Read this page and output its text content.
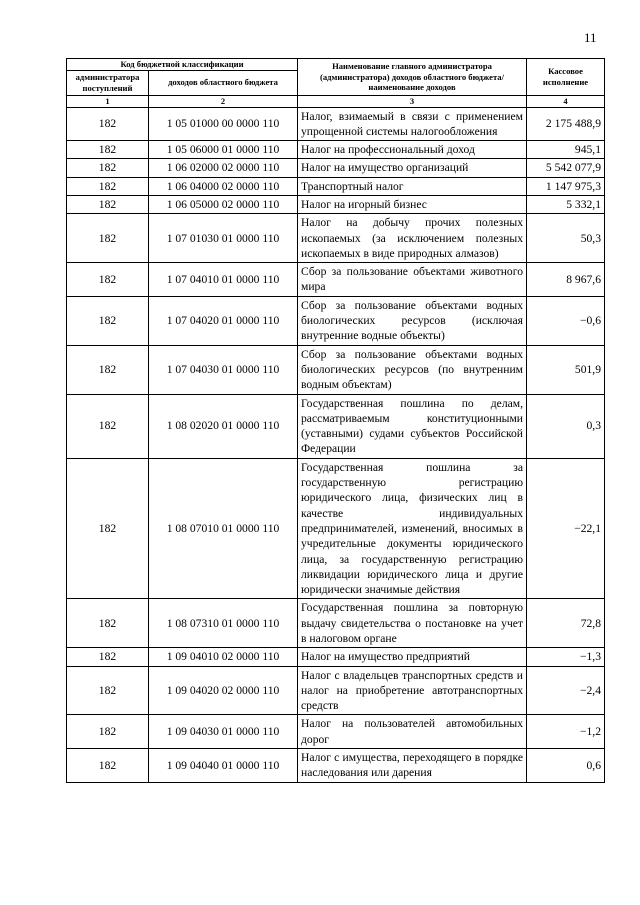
11
Код бюджетной классификации		Наименование главного администратора (администратора) доходов областного бюджета/ наименование доходов	Кассовое исполнение
администратора поступлений	доходов областного бюджета		
1	2	3	4
182	1 05 01000 00 0000 110	Налог, взимаемый в связи с применением упрощенной системы налогообложения	2 175 488,9
182	1 05 06000 01 0000 110	Налог на профессиональный доход	945,1
182	1 06 02000 02 0000 110	Налог на имущество организаций	5 542 077,9
182	1 06 04000 02 0000 110	Транспортный налог	1 147 975,3
182	1 06 05000 02 0000 110	Налог на игорный бизнес	5 332,1
182	1 07 01030 01 0000 110	Налог на добычу прочих полезных ископаемых (за исключением полезных ископаемых в виде природных алмазов)	50,3
182	1 07 04010 01 0000 110	Сбор за пользование объектами животного мира	8 967,6
182	1 07 04020 01 0000 110	Сбор за пользование объектами водных биологических ресурсов (исключая внутренние водные объекты)	−0,6
182	1 07 04030 01 0000 110	Сбор за пользование объектами водных биологических ресурсов (по внутренним водным объектам)	501,9
182	1 08 02020 01 0000 110	Государственная пошлина по делам, рассматриваемым конституционными (уставными) судами субъектов Российской Федерации	0,3
182	1 08 07010 01 0000 110	Государственная пошлина за государственную регистрацию юридического лица, физических лиц в качестве индивидуальных предпринимателей, изменений, вносимых в учредительные документы юридического лица, за государственную регистрацию ликвидации юридического лица и другие юридически значимые действия	−22,1
182	1 08 07310 01 0000 110	Государственная пошлина за повторную выдачу свидетельства о постановке на учет в налоговом органе	72,8
182	1 09 04010 02 0000 110	Налог на имущество предприятий	−1,3
182	1 09 04020 02 0000 110	Налог с владельцев транспортных средств и налог на приобретение автотранспортных средств	−2,4
182	1 09 04030 01 0000 110	Налог на пользователей автомобильных дорог	−1,2
182	1 09 04040 01 0000 110	Налог с имущества, переходящего в порядке наследования или дарения	0,6
